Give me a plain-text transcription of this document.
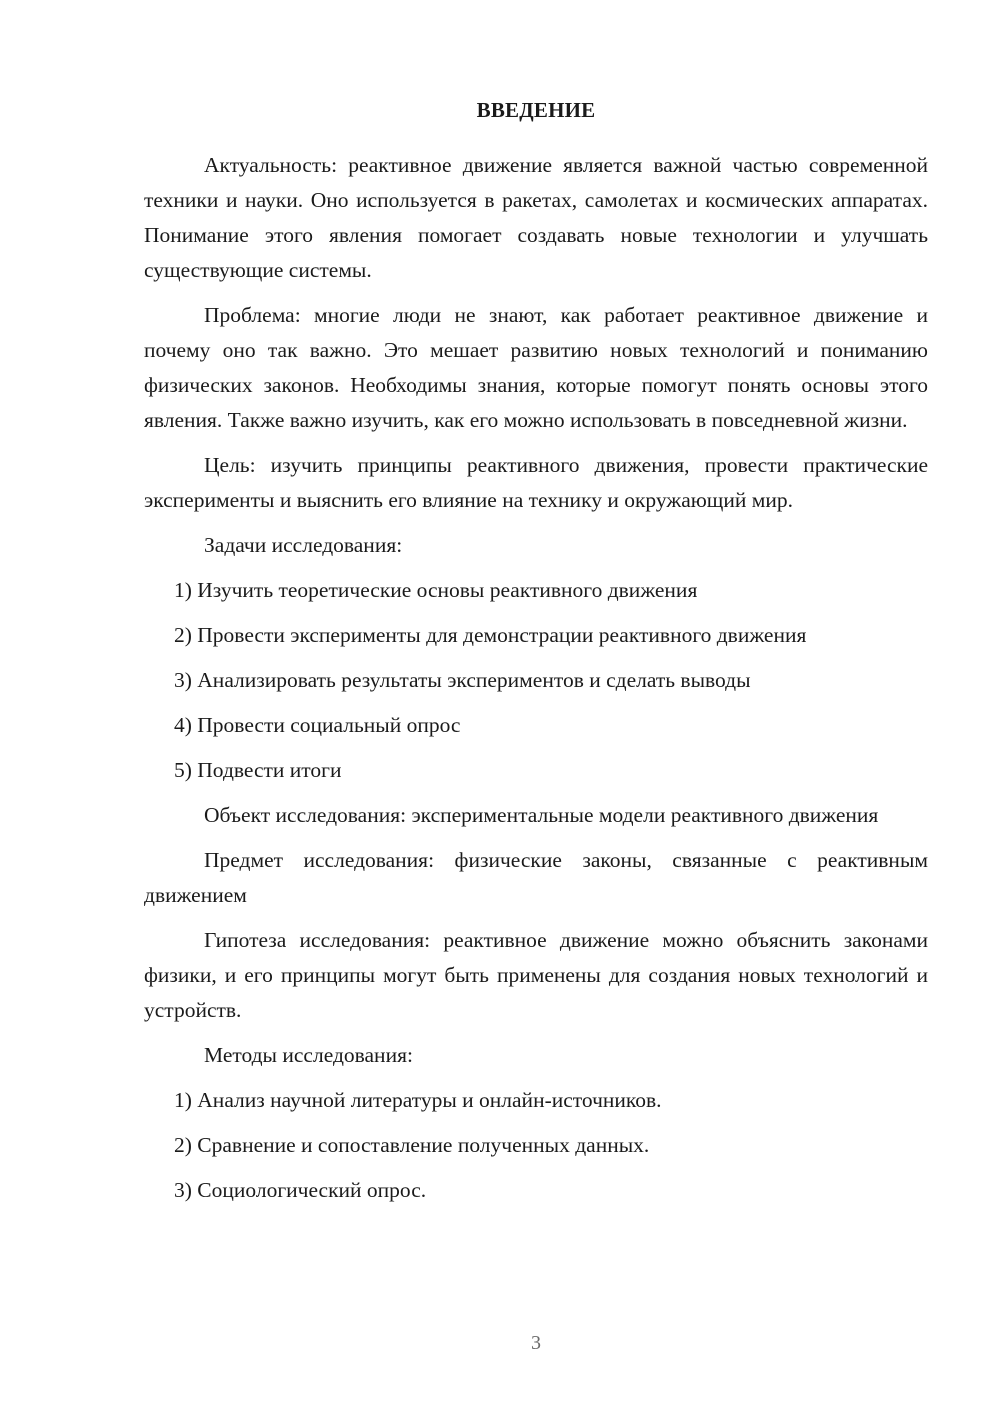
ВВЕДЕНИЕ

Актуальность: реактивное движение является важной частью современной техники и науки. Оно используется в ракетах, самолетах и космических аппаратах. Понимание этого явления помогает создавать новые технологии и улучшать существующие системы.

Проблема: многие люди не знают, как работает реактивное движение и почему оно так важно. Это мешает развитию новых технологий и пониманию физических законов. Необходимы знания, которые помогут понять основы этого явления. Также важно изучить, как его можно использовать в повседневной жизни.

Цель: изучить принципы реактивного движения, провести практические эксперименты и выяснить его влияние на технику и окружающий мир.

Задачи исследования:

1) Изучить теоретические основы реактивного движения
2) Провести эксперименты для демонстрации реактивного движения
3) Анализировать результаты экспериментов и сделать выводы
4) Провести социальный опрос
5) Подвести итоги

Объект исследования: экспериментальные модели реактивного движения

Предмет исследования: физические законы, связанные с реактивным движением

Гипотеза исследования: реактивное движение можно объяснить законами физики, и его принципы могут быть применены для создания новых технологий и устройств.

Методы исследования:

1) Анализ научной литературы и онлайн-источников.
2) Сравнение и сопоставление полученных данных.
3) Социологический опрос.
3
